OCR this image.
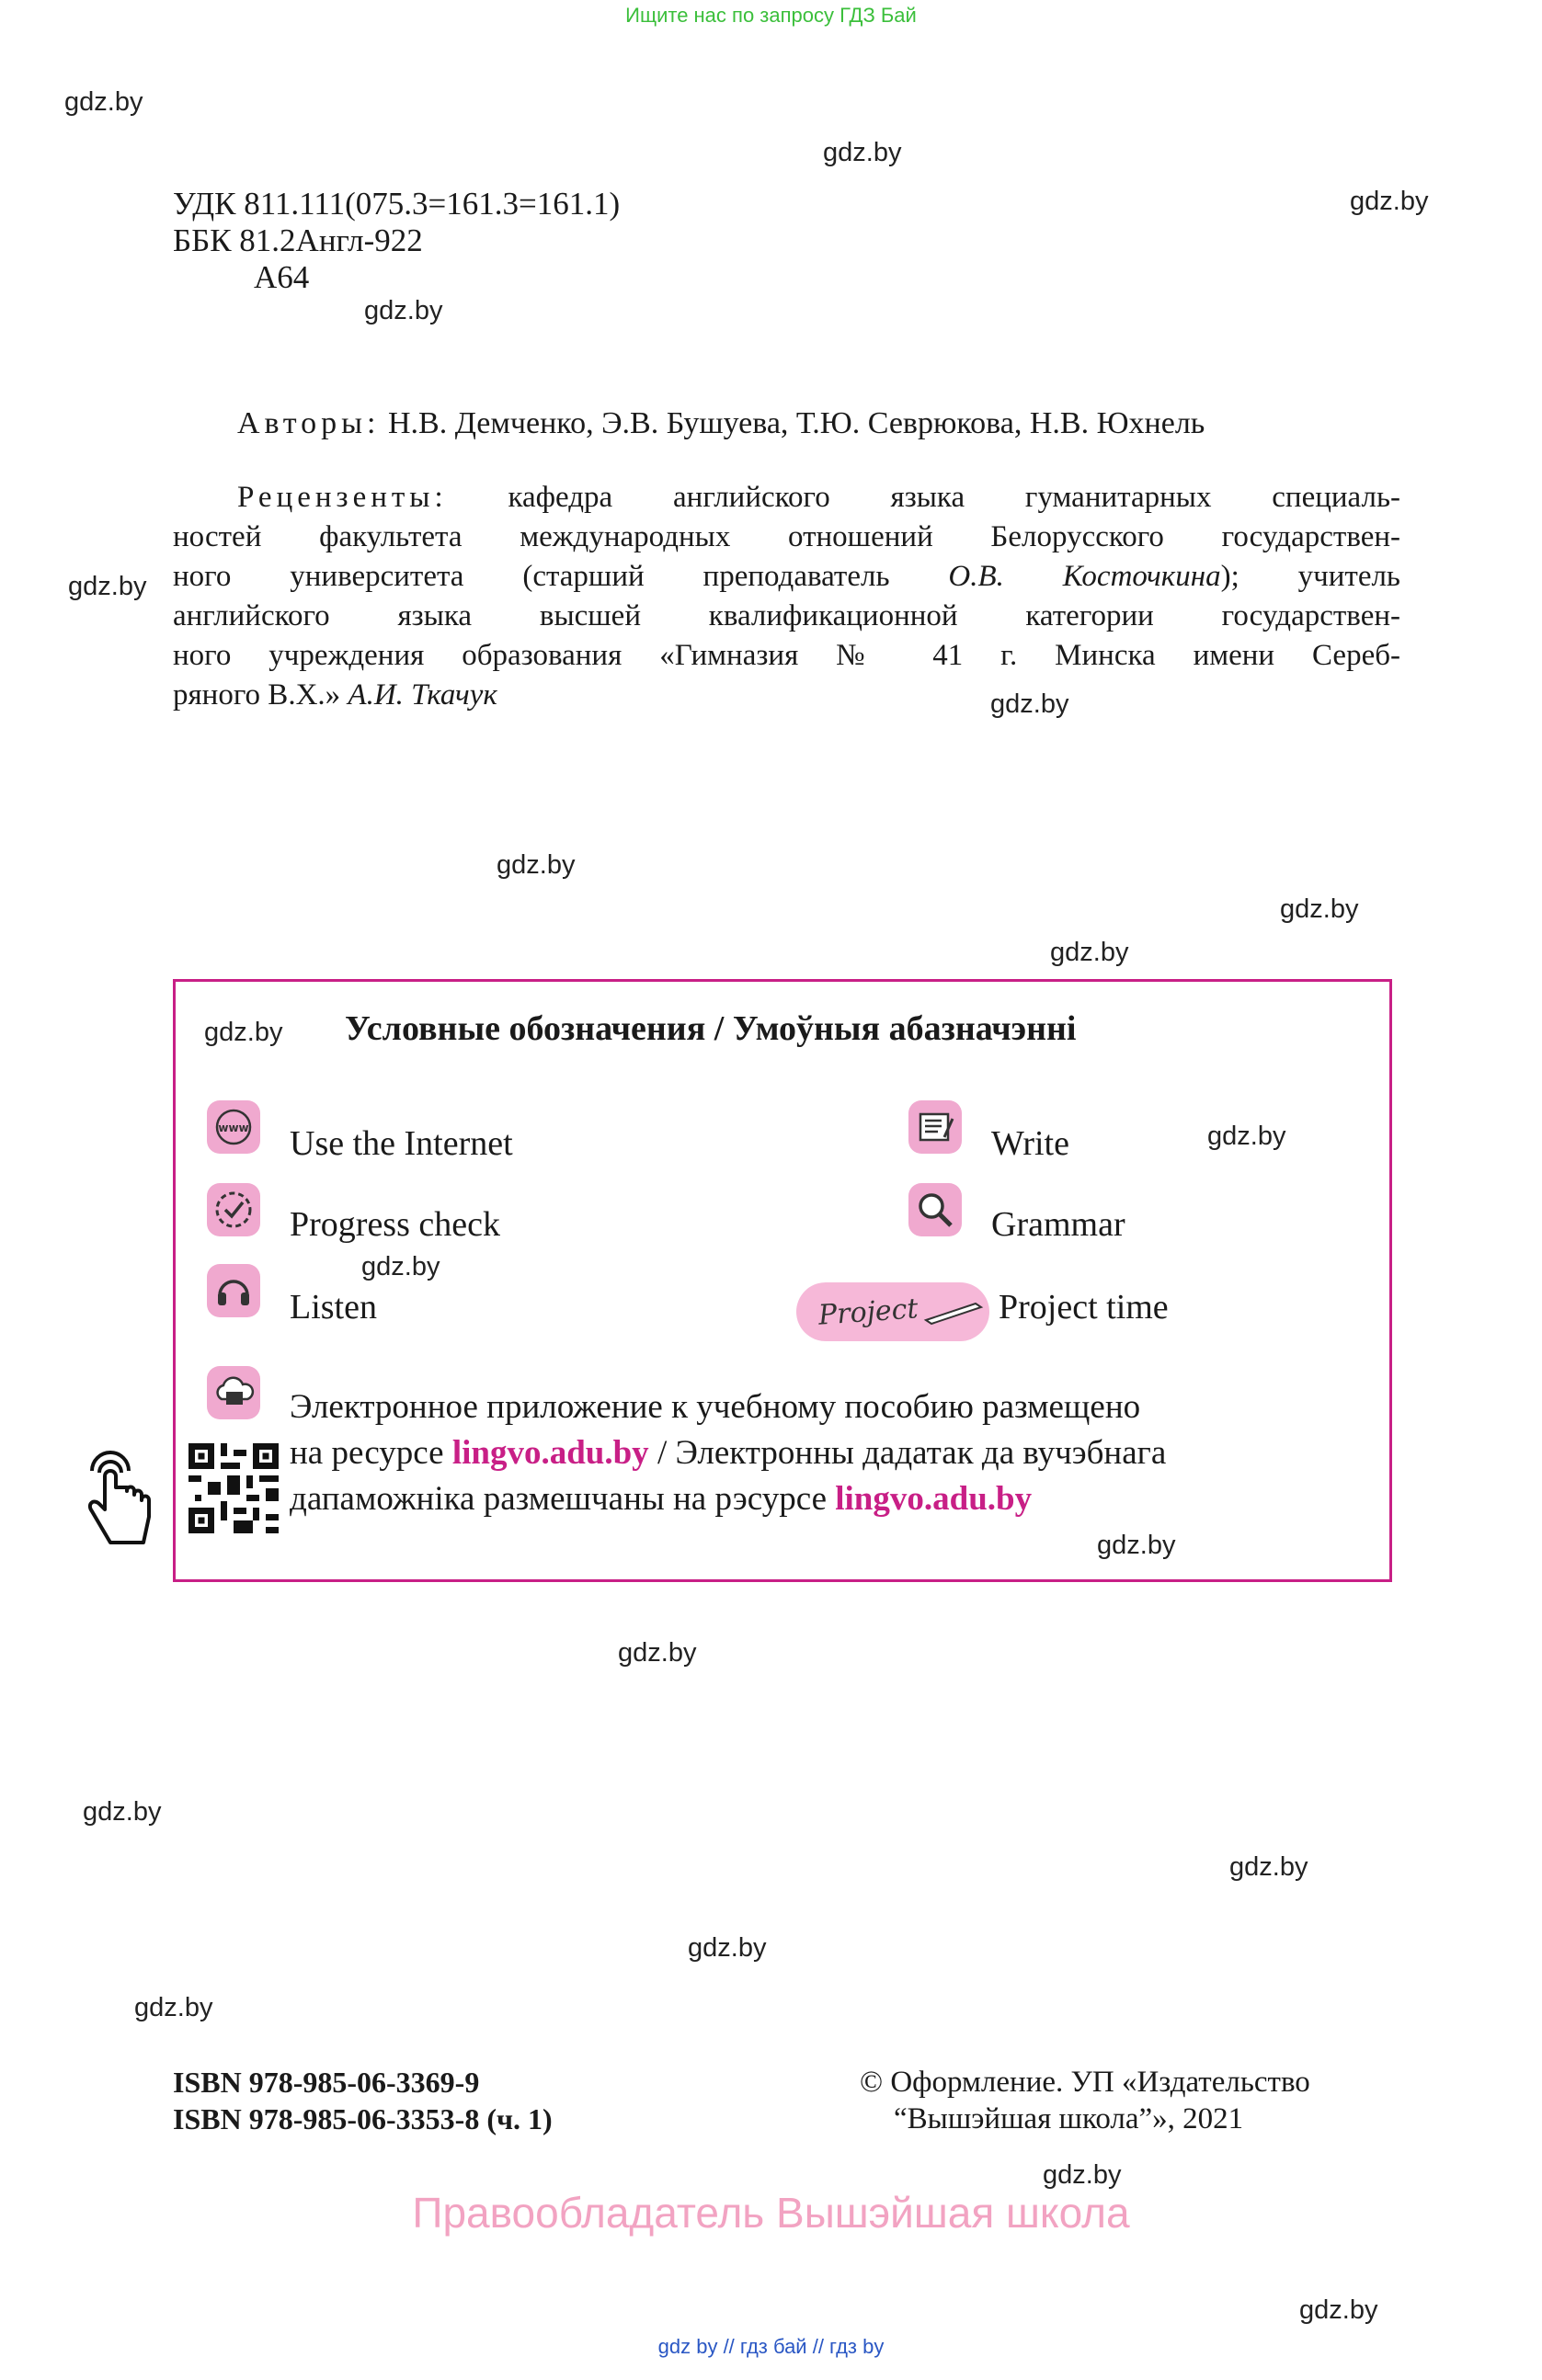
Ищите нас по запросу ГДЗ Бай
gdz.by
gdz.by
gdz.by
gdz.by
gdz.by
gdz.by
gdz.by
gdz.by
gdz.by
gdz.by
gdz.by
gdz.by
gdz.by
gdz.by
gdz.by
gdz.by
gdz.by
gdz.by
gdz.by
gdz.by
УДК 811.111(075.3=161.3=161.1)
ББК 81.2Англ-922
А64
Авторы: Н.В. Демченко, Э.В. Бушуева, Т.Ю. Севрюкова, Н.В. Юхнель
Рецензенты: кафедра английского языка гуманитарных специаль-
ностей факультета международных отношений Белорусского государствен-
ного университета (старший преподаватель О.В. Косточкина); учитель
английского языка высшей квалификационной категории государствен-
ного учреждения образования «Гимназия № 41 г. Минска имени Сереб-
ряного В.Х.» А.И. Ткачук
Условные обозначения / Умоўныя абазначэнні
www Use the Internet
Progress check
Listen
Write
Grammar
Project Project time
Электронное приложение к учебному пособию размещено
на ресурсе lingvo.adu.by / Электронны дадатак да вучэбнага
дапаможніка размешчаны на рэсурсе lingvo.adu.by
ISBN 978-985-06-3369-9
ISBN 978-985-06-3353-8 (ч. 1)
© Оформление. УП «Издательство
“Вышэйшая школа”», 2021
Правообладатель Вышэйшая школа
gdz by // гдз бай // гдз by
